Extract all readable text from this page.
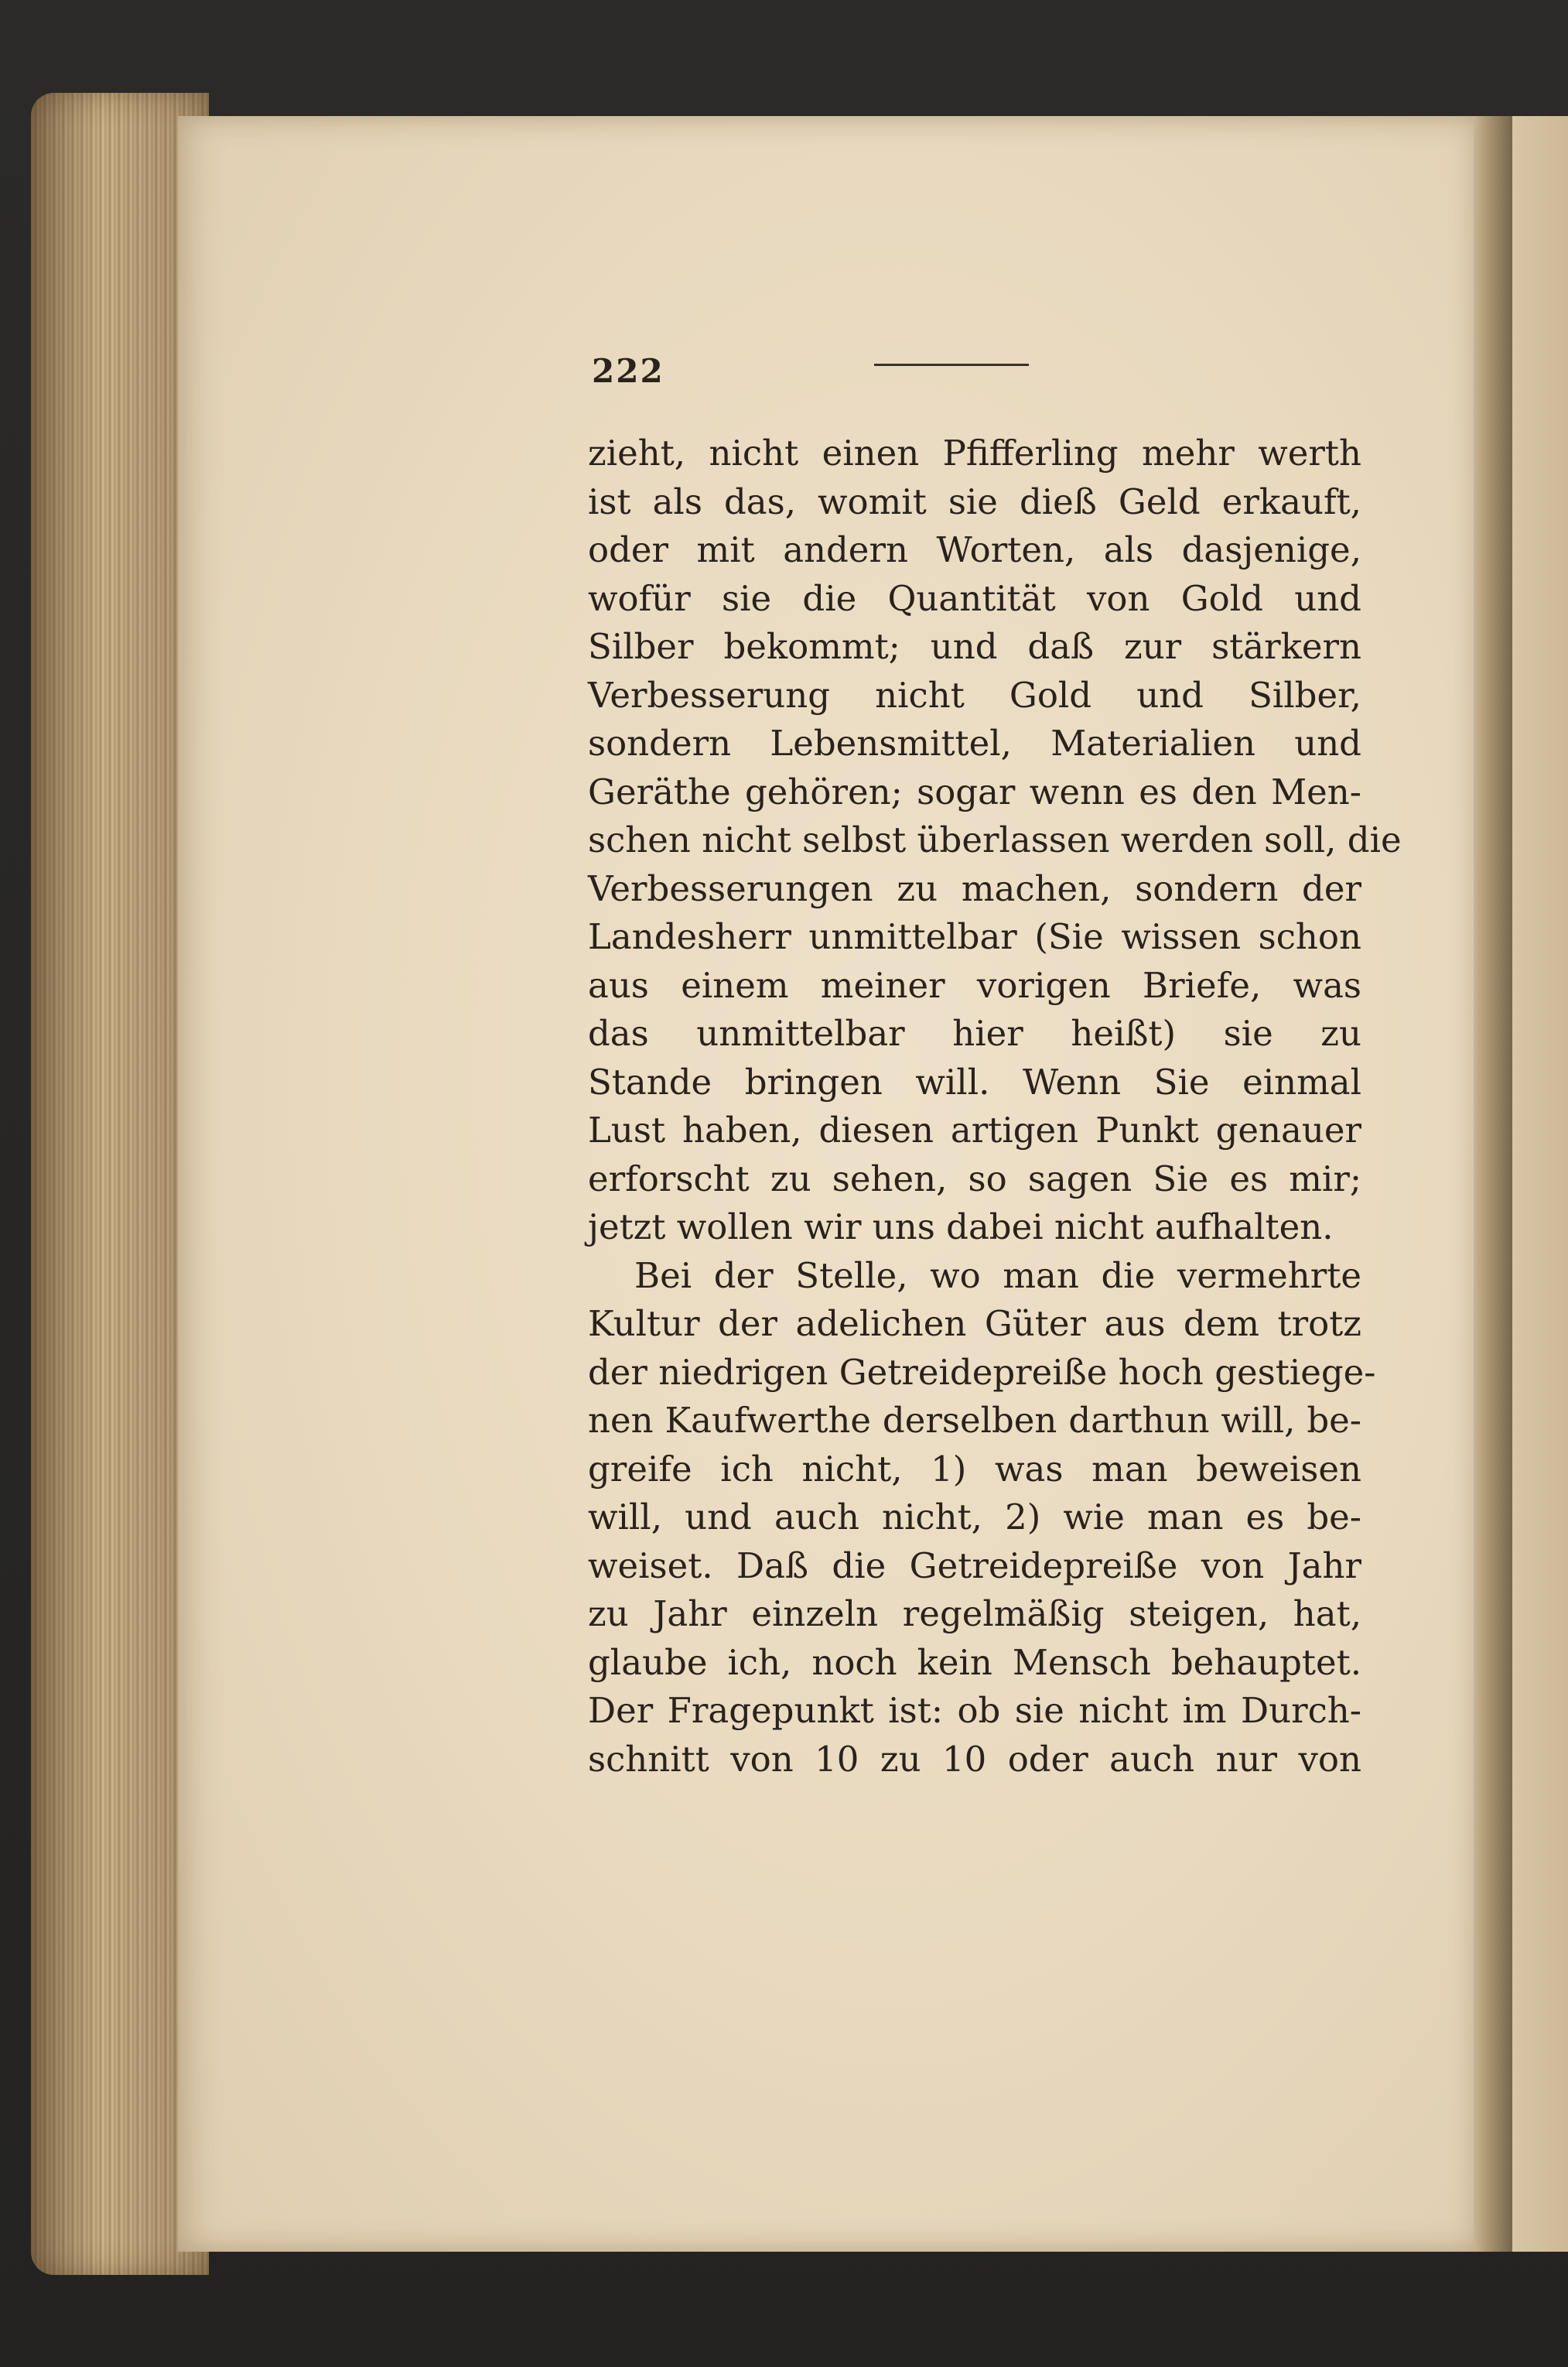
222
zieht, nicht einen Pfifferling mehr werth
ist als das, womit sie dieß Geld erkauft,
oder mit andern Worten, als dasjenige,
wofür sie die Quantität von Gold und
Silber bekommt; und daß zur stärkern
Verbesserung nicht Gold und Silber,
sondern Lebensmittel, Materialien und
Geräthe gehören; sogar wenn es den Men-
schen nicht selbst überlassen werden soll, die
Verbesserungen zu machen, sondern der
Landesherr unmittelbar (Sie wissen schon
aus einem meiner vorigen Briefe, was
das unmittelbar hier heißt) sie zu
Stande bringen will. Wenn Sie einmal
Lust haben, diesen artigen Punkt genauer
erforscht zu sehen, so sagen Sie es mir;
jetzt wollen wir uns dabei nicht aufhalten.
Bei der Stelle, wo man die vermehrte
Kultur der adelichen Güter aus dem trotz
der niedrigen Getreidepreiße hoch gestiege-
nen Kaufwerthe derselben darthun will, be-
greife ich nicht, 1) was man beweisen
will, und auch nicht, 2) wie man es be-
weiset. Daß die Getreidepreiße von Jahr
zu Jahr einzeln regelmäßig steigen, hat,
glaube ich, noch kein Mensch behauptet.
Der Fragepunkt ist: ob sie nicht im Durch-
schnitt von 10 zu 10 oder auch nur von
